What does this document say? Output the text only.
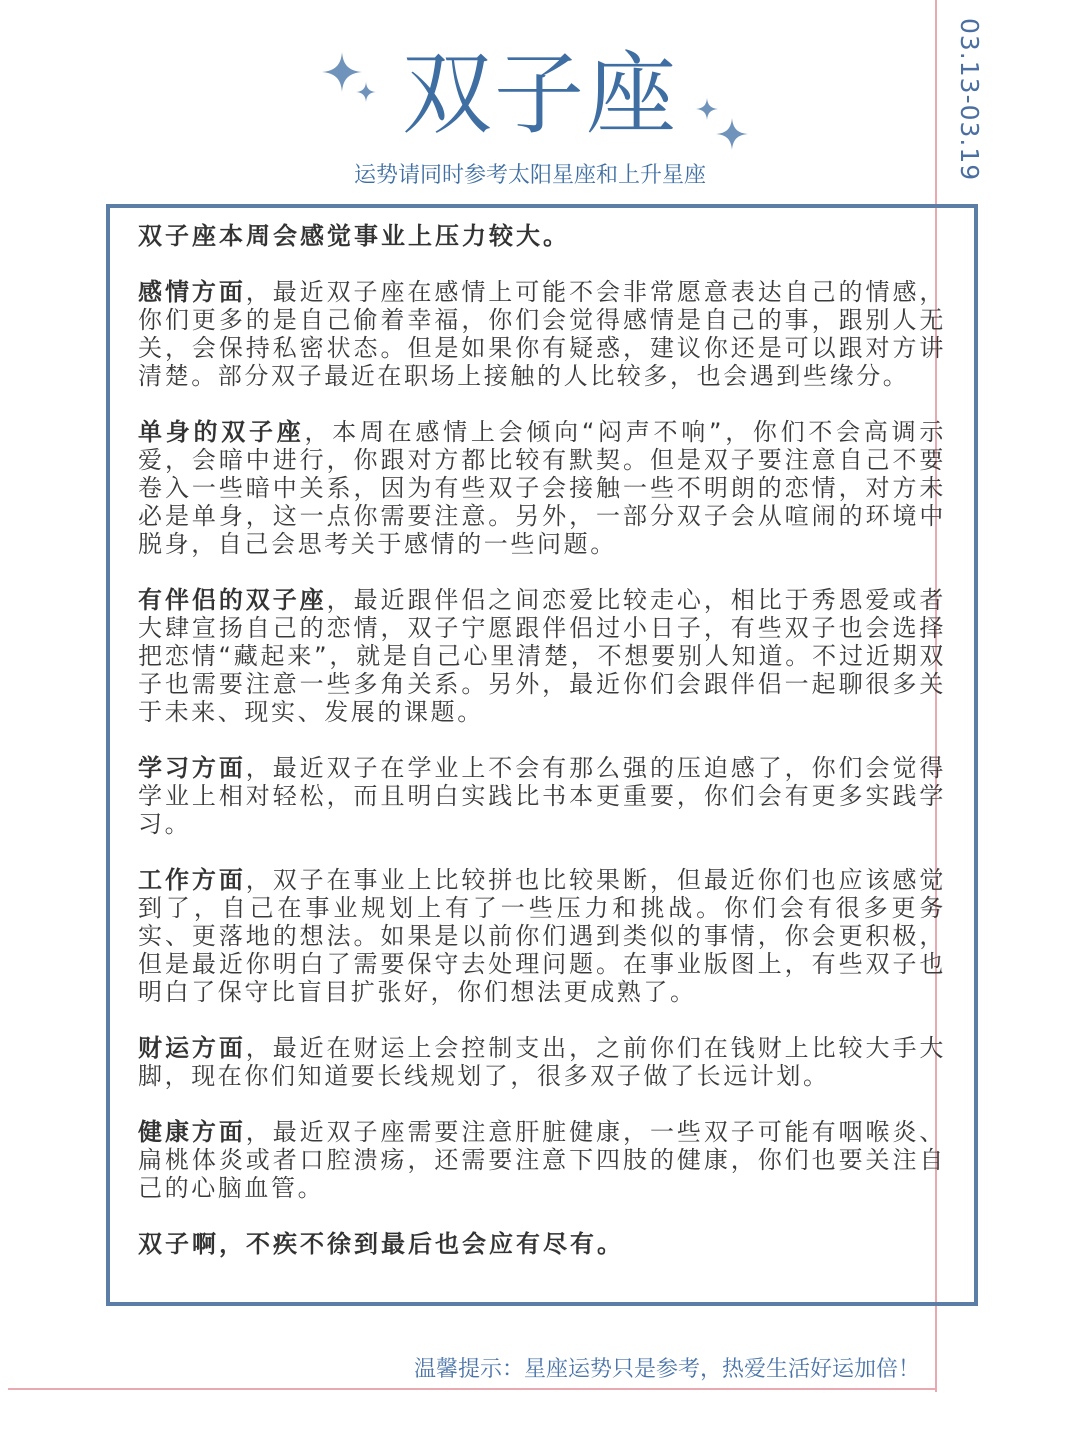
03.13-03.19
双子座
运势请同时参考太阳星座和上升星座

双子座本周会感觉事业上压力较大。

感情方面，最近双子座在感情上可能不会非常愿意表达自己的情感，你们更多的是自己偷着幸福，你们会觉得感情是自己的事，跟别人无关，会保持私密状态。但是如果你有疑惑，建议你还是可以跟对方讲清楚。部分双子最近在职场上接触的人比较多，也会遇到些缘分。

单身的双子座，本周在感情上会倾向“闷声不响”，你们不会高调示爱，会暗中进行，你跟对方都比较有默契。但是双子要注意自己不要卷入一些暗中关系，因为有些双子会接触一些不明朗的恋情，对方未必是单身，这一点你需要注意。另外，一部分双子会从喧闹的环境中脱身，自己会思考关于感情的一些问题。

有伴侣的双子座，最近跟伴侣之间恋爱比较走心，相比于秀恩爱或者大肆宣扬自己的恋情，双子宁愿跟伴侣过小日子，有些双子也会选择把恋情“藏起来”，就是自己心里清楚，不想要别人知道。不过近期双子也需要注意一些多角关系。另外，最近你们会跟伴侣一起聊很多关于未来、现实、发展的课题。

学习方面，最近双子在学业上不会有那么强的压迫感了，你们会觉得学业上相对轻松，而且明白实践比书本更重要，你们会有更多实践学习。

工作方面，双子在事业上比较拼也比较果断，但最近你们也应该感觉到了，自己在事业规划上有了一些压力和挑战。你们会有很多更务实、更落地的想法。如果是以前你们遇到类似的事情，你会更积极，但是最近你明白了需要保守去处理问题。在事业版图上，有些双子也明白了保守比盲目扩张好，你们想法更成熟了。

财运方面，最近在财运上会控制支出，之前你们在钱财上比较大手大脚，现在你们知道要长线规划了，很多双子做了长远计划。

健康方面，最近双子座需要注意肝脏健康，一些双子可能有咽喉炎、扁桃体炎或者口腔溃疡，还需要注意下四肢的健康，你们也要关注自己的心脑血管。

双子啊，不疾不徐到最后也会应有尽有。

温馨提示：星座运势只是参考，热爱生活好运加倍！
